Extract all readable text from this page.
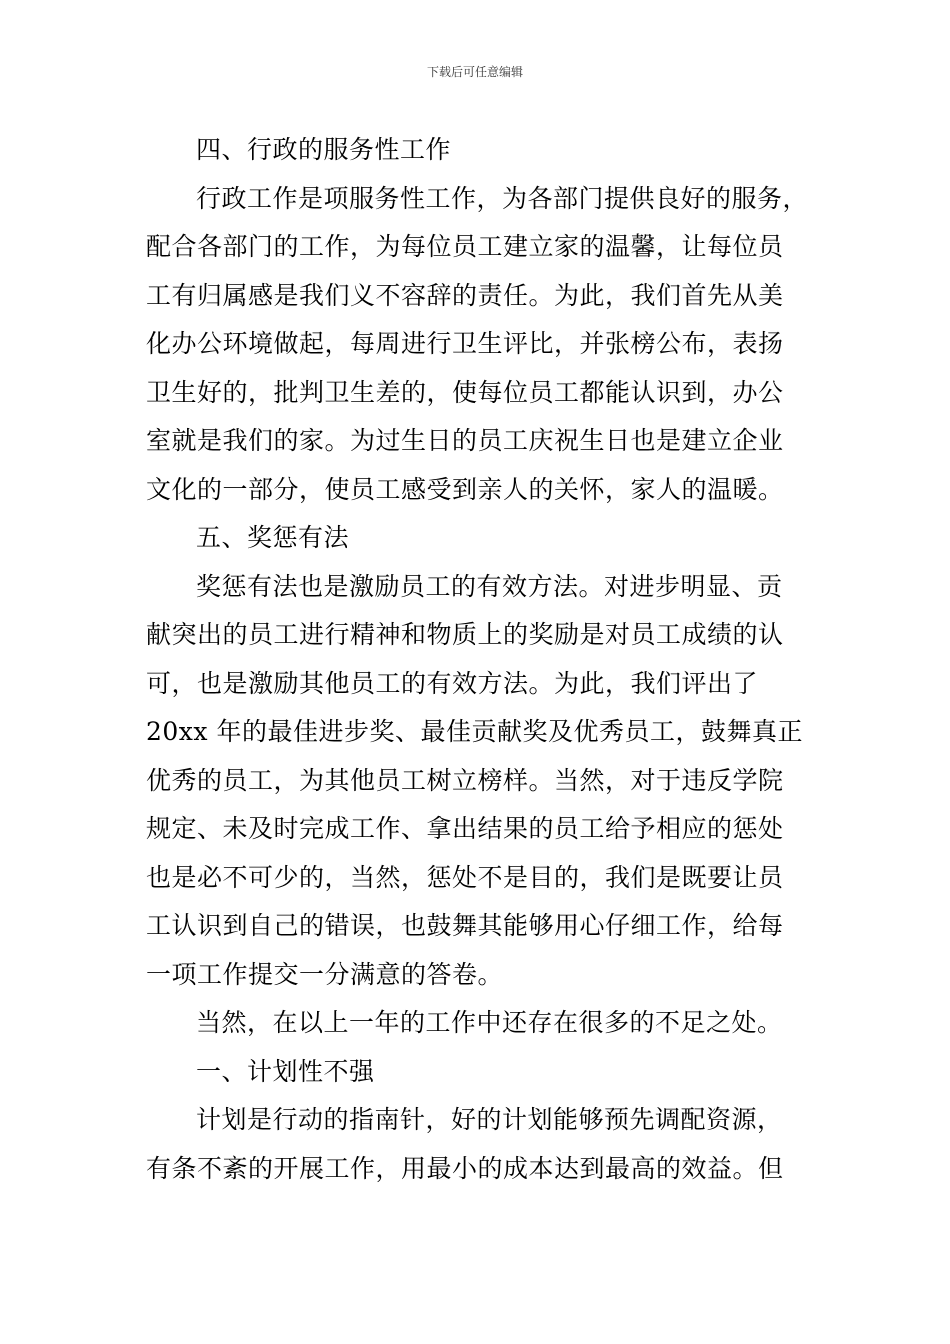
下载后可任意编辑
四、行政的服务性工作
行政工作是项服务性工作，为各部门提供良好的服务，
配合各部门的工作，为每位员工建立家的温馨，让每位员
工有归属感是我们义不容辞的责任。为此，我们首先从美
化办公环境做起，每周进行卫生评比，并张榜公布，表扬
卫生好的，批判卫生差的，使每位员工都能认识到，办公
室就是我们的家。为过生日的员工庆祝生日也是建立企业
文化的一部分，使员工感受到亲人的关怀，家人的温暖。
五、奖惩有法
奖惩有法也是激励员工的有效方法。对进步明显、贡
献突出的员工进行精神和物质上的奖励是对员工成绩的认
可，也是激励其他员工的有效方法。为此，我们评出了
20xx 年的最佳进步奖、最佳贡献奖及优秀员工，鼓舞真正
优秀的员工，为其他员工树立榜样。当然，对于违反学院
规定、未及时完成工作、拿出结果的员工给予相应的惩处
也是必不可少的，当然，惩处不是目的，我们是既要让员
工认识到自己的错误，也鼓舞其能够用心仔细工作，给每
一项工作提交一分满意的答卷。
当然，在以上一年的工作中还存在很多的不足之处。
一、计划性不强
计划是行动的指南针，好的计划能够预先调配资源，
有条不紊的开展工作，用最小的成本达到最高的效益。但
